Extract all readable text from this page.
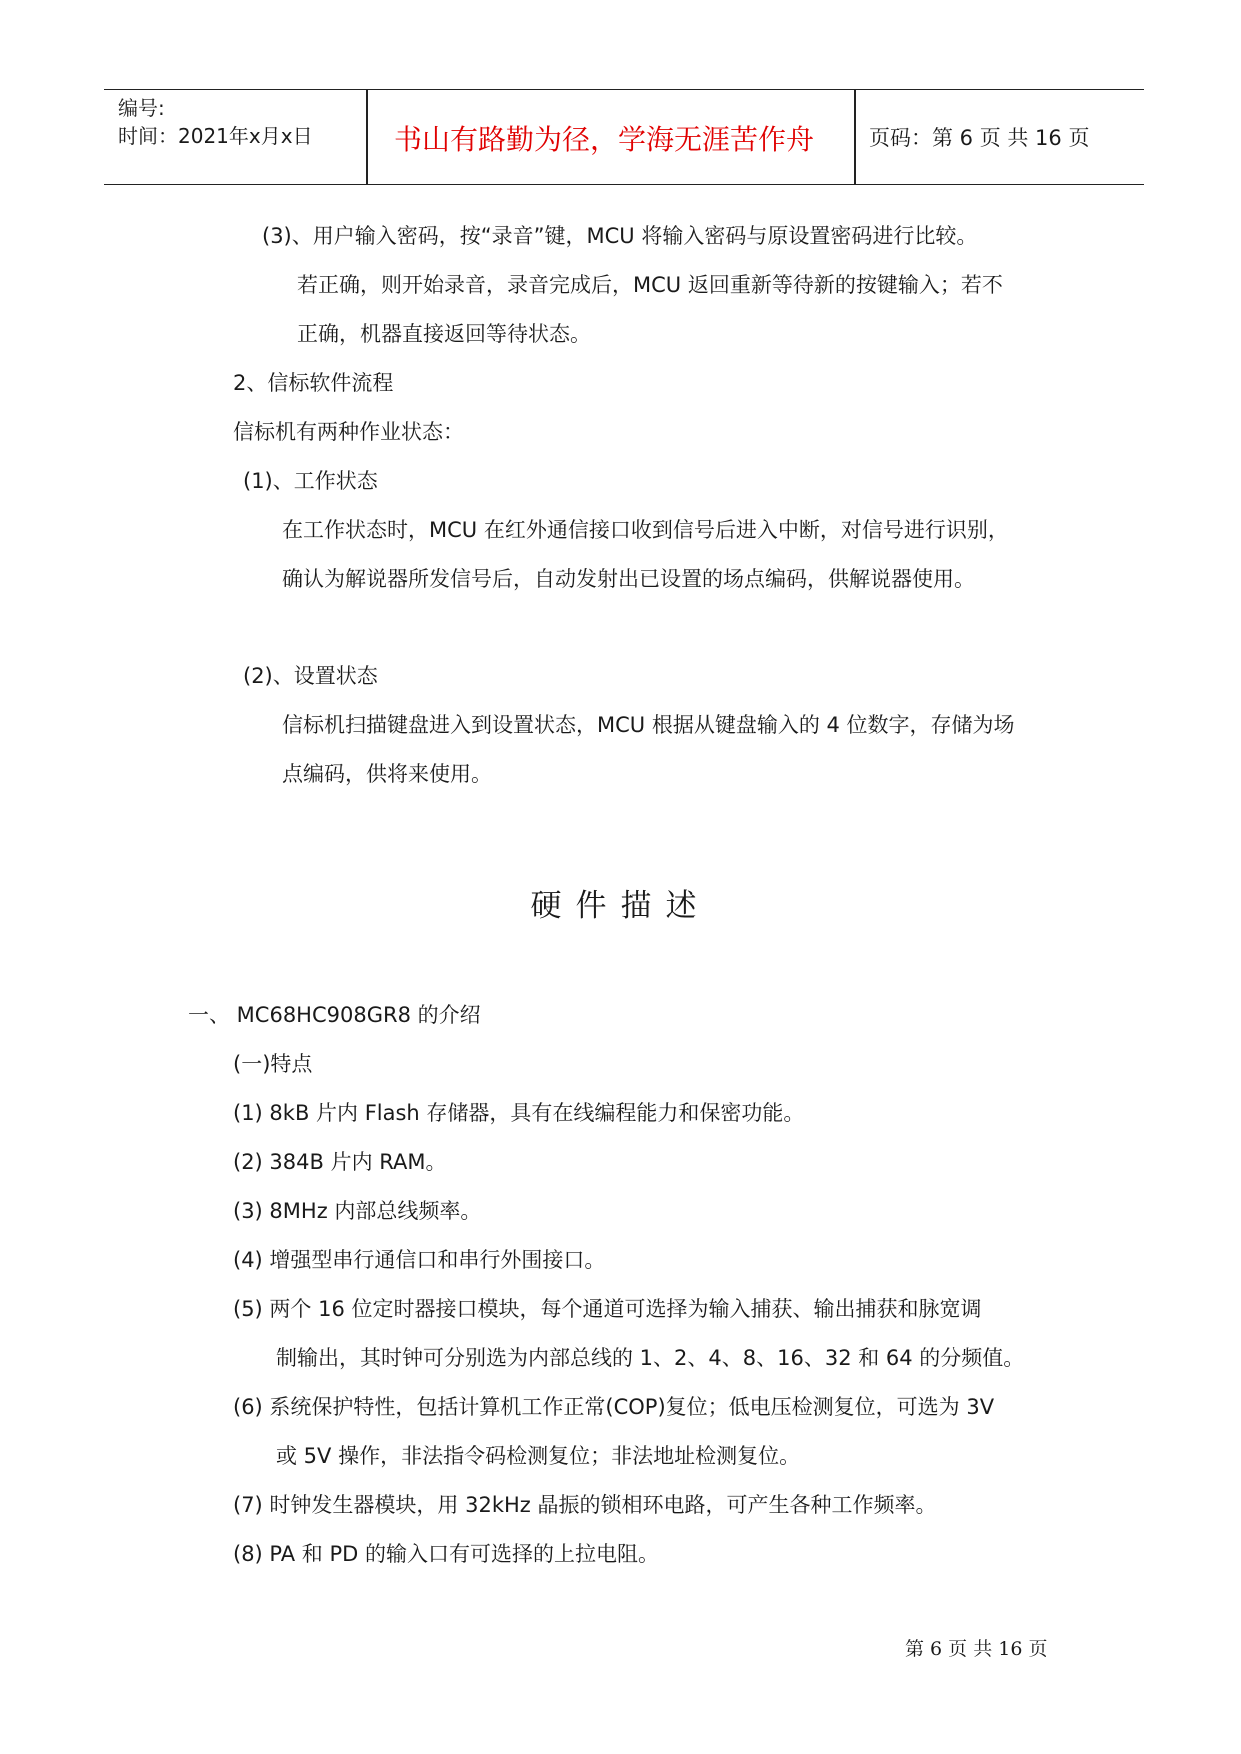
编号:
时间：2021年x月x日	书山有路勤为径，学海无涯苦作舟	页码：第 6 页 共 16 页
(3)、用户输入密码，按“录音”键，MCU 将输入密码与原设置密码进行比较。
若正确，则开始录音，录音完成后，MCU 返回重新等待新的按键输入；若不
正确，机器直接返回等待状态。
2、信标软件流程
信标机有两种作业状态：
(1)、工作状态
在工作状态时，MCU 在红外通信接口收到信号后进入中断，对信号进行识别，
确认为解说器所发信号后，自动发射出已设置的场点编码，供解说器使用。
(2)、设置状态
信标机扫描键盘进入到设置状态，MCU 根据从键盘输入的 4 位数字，存储为场
点编码，供将来使用。
硬件描述
一、 MC68HC908GR8 的介绍
(一)特点
(1) 8kB 片内 Flash 存储器，具有在线编程能力和保密功能。
(2) 384B 片内 RAM。
(3) 8MHz 内部总线频率。
(4) 增强型串行通信口和串行外围接口。
(5) 两个 16 位定时器接口模块，每个通道可选择为输入捕获、输出捕获和脉宽调
制输出，其时钟可分别选为内部总线的 1、2、4、8、16、32 和 64 的分频值。
(6) 系统保护特性，包括计算机工作正常(COP)复位；低电压检测复位，可选为 3V
或 5V 操作，非法指令码检测复位；非法地址检测复位。
(7) 时钟发生器模块，用 32kHz 晶振的锁相环电路，可产生各种工作频率。
(8) PA 和 PD 的输入口有可选择的上拉电阻。
第 6 页 共 16 页
